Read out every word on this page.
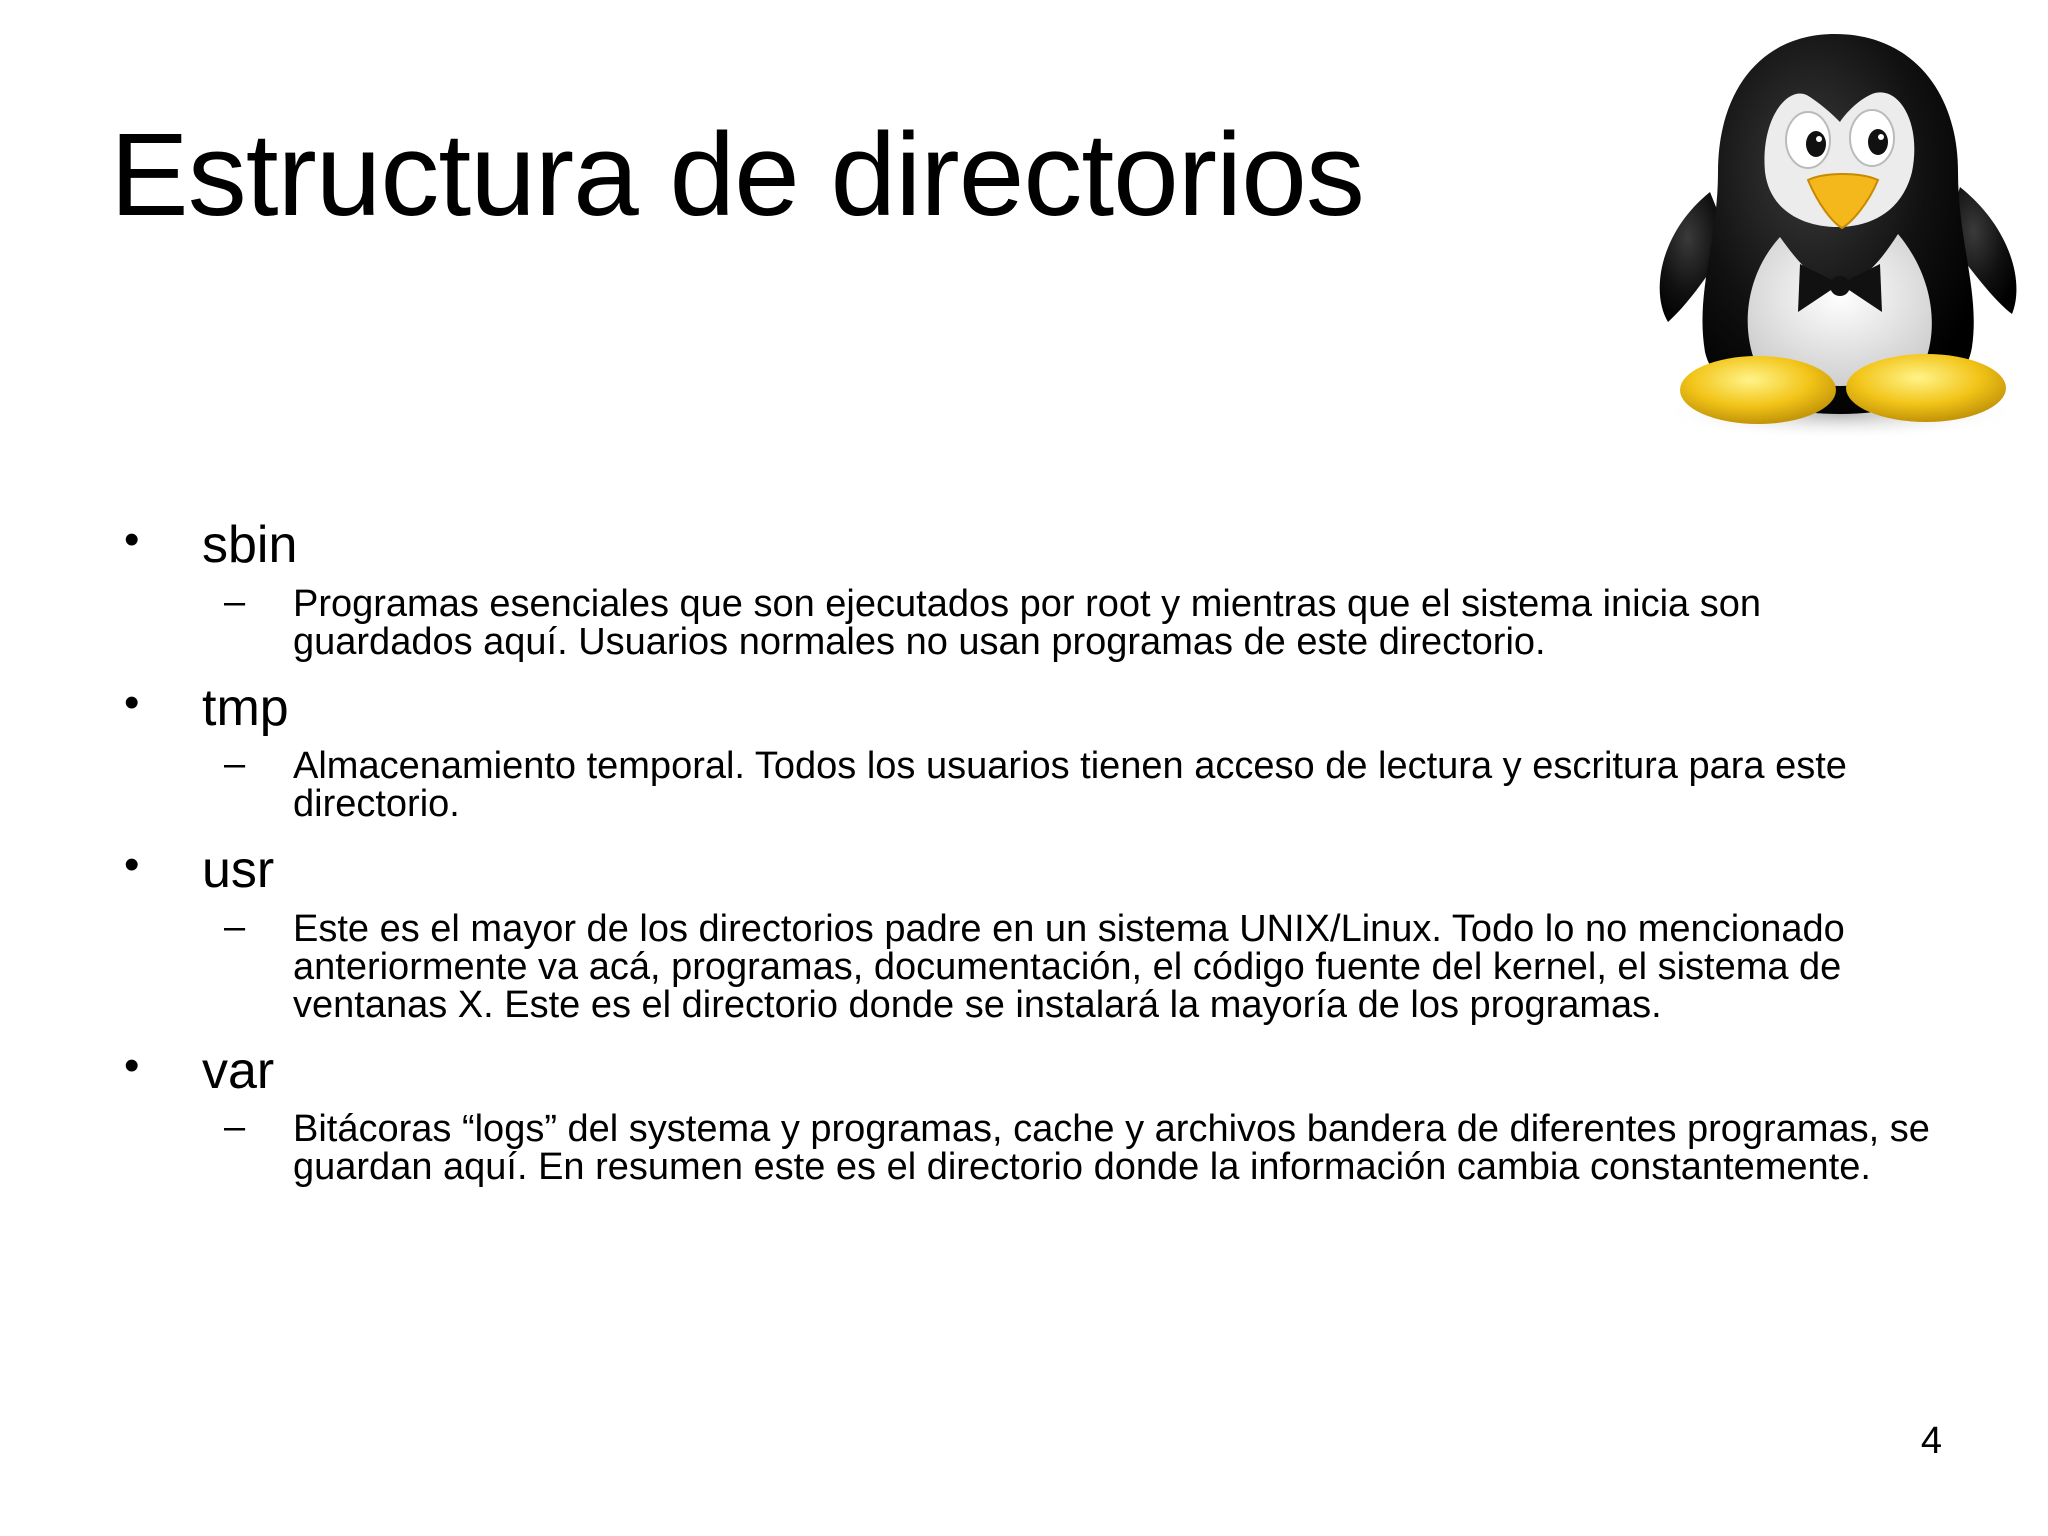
Estructura de directorios
• sbin
– Programas esenciales que son ejecutados por root y mientras que el sistema inicia son guardados aquí. Usuarios normales no usan programas de este directorio.
• tmp
– Almacenamiento temporal. Todos los usuarios tienen acceso de lectura y escritura para este directorio.
• usr
– Este es el mayor de los directorios padre en un sistema UNIX/Linux. Todo lo no mencionado anteriormente va acá, programas, documentación, el código fuente del kernel, el sistema de ventanas X. Este es el directorio donde se instalará la mayoría de los programas.
• var
– Bitácoras “logs” del systema y programas, cache y archivos bandera de diferentes programas, se guardan aquí. En resumen este es el directorio donde la información cambia constantemente.
4
